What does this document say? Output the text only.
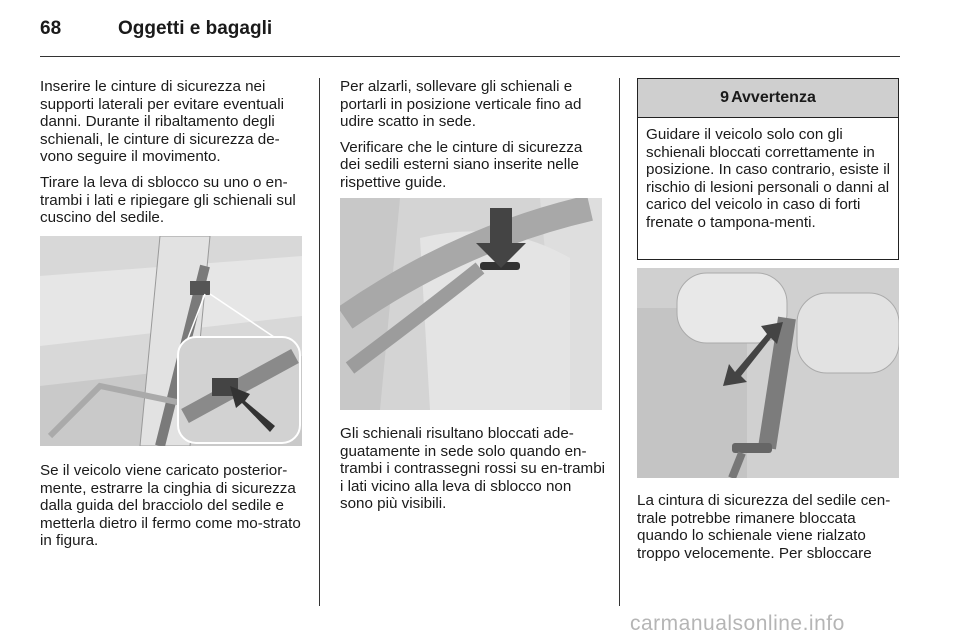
68	Oggetti e bagagli

Inserire le cinture di sicurezza nei supporti laterali per evitare eventuali danni. Durante il ribaltamento degli schienali, le cinture di sicurezza de-vono seguire il movimento.

Tirare la leva di sblocco su uno o en-trambi i lati e ripiegare gli schienali sul cuscino del sedile.

Se il veicolo viene caricato posterior-mente, estrarre la cinghia di sicurezza dalla guida del bracciolo del sedile e metterla dietro il fermo come mo-strato in figura.

Per alzarli, sollevare gli schienali e portarli in posizione verticale fino ad udire scatto in sede.

Verificare che le cinture di sicurezza dei sedili esterni siano inserite nelle rispettive guide.

Gli schienali risultano bloccati ade-guatamente in sede solo quando en-trambi i contrassegni rossi su en-trambi i lati vicino alla leva di sblocco non sono più visibili.

9 Avvertenza
Guidare il veicolo solo con gli schienali bloccati correttamente in posizione. In caso contrario, esiste il rischio di lesioni personali o danni al carico del veicolo in caso di forti frenate o tampona-menti.

La cintura di sicurezza del sedile cen-trale potrebbe rimanere bloccata quando lo schienale viene rialzato troppo velocemente. Per sbloccare

carmanualsonline.info
